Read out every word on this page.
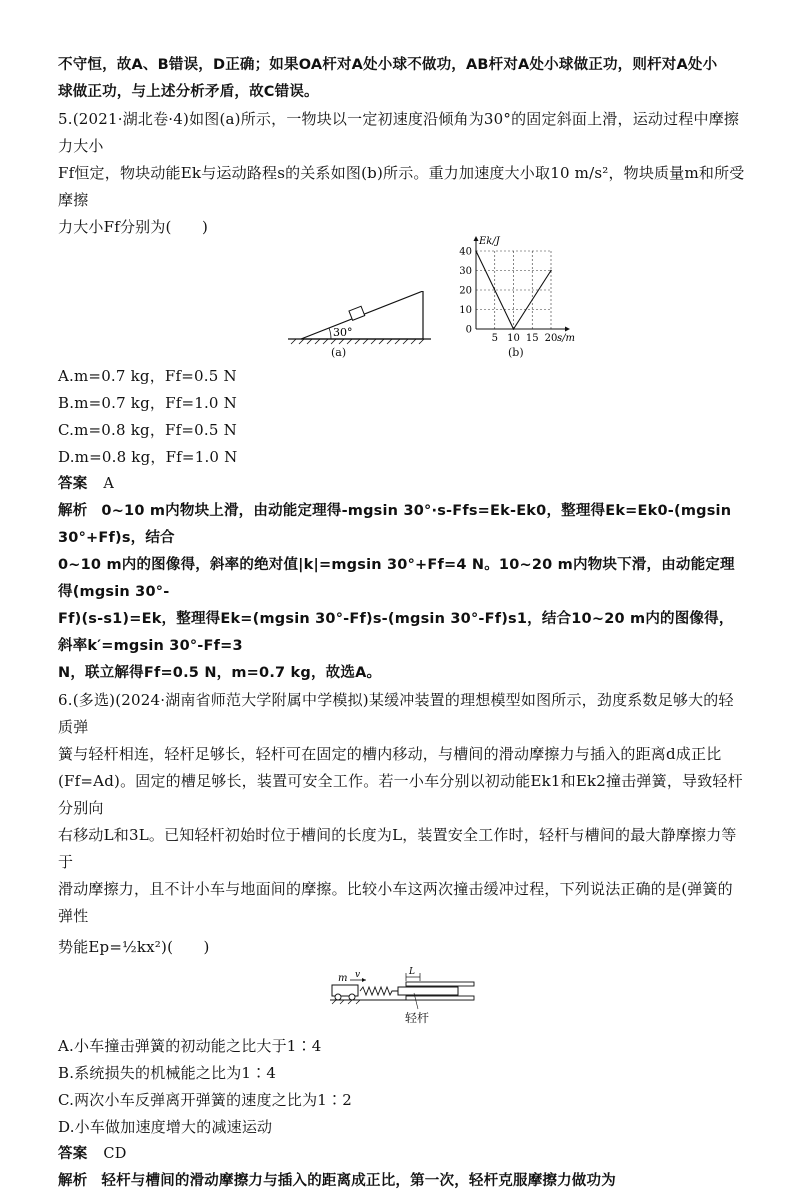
不守恒，故A、B错误，D正确；如果OA杆对A处小球不做功，AB杆对A处小球做正功，则杆对A处小

球做正功，与上述分析矛盾，故C错误。

5.(2021·湖北卷·4)如图(a)所示，一物块以一定初速度沿倾角为30°的固定斜面上滑，运动过程中摩擦力大小

Ff恒定，物块动能Ek与运动路程s的关系如图(b)所示。重力加速度大小取10 m/s²，物块质量m和所受摩擦

力大小Ff分别为(　　)

30°
(a)
0
10
20
30
40
5 10 15 20
Ek/J
s/m
(b)

A.m=0.7 kg，Ff=0.5 N

B.m=0.7 kg，Ff=1.0 N

C.m=0.8 kg，Ff=0.5 N

D.m=0.8 kg，Ff=1.0 N

答案 A

解析 0~10 m内物块上滑，由动能定理得-mgsin 30°·s-Ffs=Ek-Ek0，整理得Ek=Ek0-(mgsin 30°+Ff)s，结合

0~10 m内的图像得，斜率的绝对值|k|=mgsin 30°+Ff=4 N。10~20 m内物块下滑，由动能定理得(mgsin 30°-

Ff)(s-s1)=Ek，整理得Ek=(mgsin 30°-Ff)s-(mgsin 30°-Ff)s1，结合10~20 m内的图像得，斜率k′=mgsin 30°-Ff=3

N，联立解得Ff=0.5 N，m=0.7 kg，故选A。

6.(多选)(2024·湖南省师范大学附属中学模拟)某缓冲装置的理想模型如图所示，劲度系数足够大的轻质弹

簧与轻杆相连，轻杆足够长，轻杆可在固定的槽内移动，与槽间的滑动摩擦力与插入的距离d成正比

(Ff=Ad)。固定的槽足够长，装置可安全工作。若一小车分别以初动能Ek1和Ek2撞击弹簧，导致轻杆分别向

右移动L和3L。已知轻杆初始时位于槽间的长度为L，装置安全工作时，轻杆与槽间的最大静摩擦力等于

滑动摩擦力，且不计小车与地面间的摩擦。比较小车这两次撞击缓冲过程，下列说法正确的是(弹簧的弹性

势能Ep=½kx²)(　　)

m v	L
轻杆

A.小车撞击弹簧的初动能之比大于1∶4

B.系统损失的机械能之比为1∶4

C.两次小车反弹离开弹簧的速度之比为1∶2

D.小车做加速度增大的减速运动

答案 CD

解析 轻杆与槽间的滑动摩擦力与插入的距离成正比，第一次，轻杆克服摩擦力做功为
